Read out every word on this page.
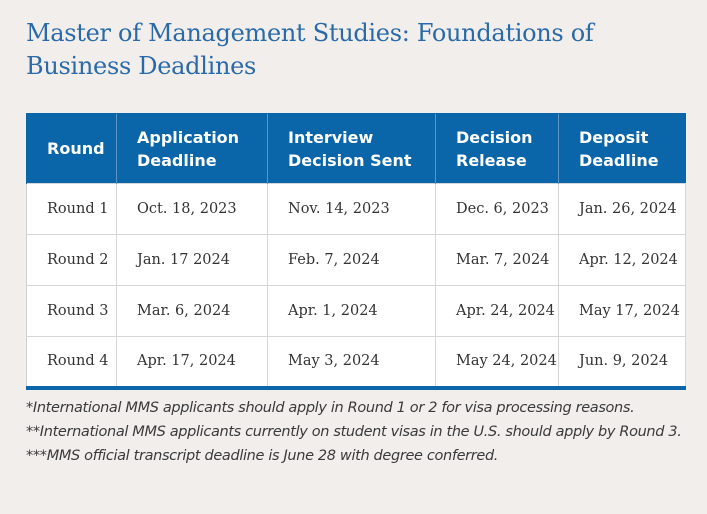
Master of Management Studies: Foundations of Business Deadlines
Round	Application Deadline	Interview Decision Sent	Decision Release	Deposit Deadline
Round 1	Oct. 18, 2023	Nov. 14, 2023	Dec. 6, 2023	Jan. 26, 2024
Round 2	Jan. 17 2024	Feb. 7, 2024	Mar. 7, 2024	Apr. 12, 2024
Round 3	Mar. 6, 2024	Apr. 1, 2024	Apr. 24, 2024	May 17, 2024
Round 4	Apr. 17, 2024	May 3, 2024	May 24, 2024	Jun. 9, 2024

*International MMS applicants should apply in Round 1 or 2 for visa processing reasons.

**International MMS applicants currently on student visas in the U.S. should apply by Round 3.

***MMS official transcript deadline is June 28 with degree conferred.
